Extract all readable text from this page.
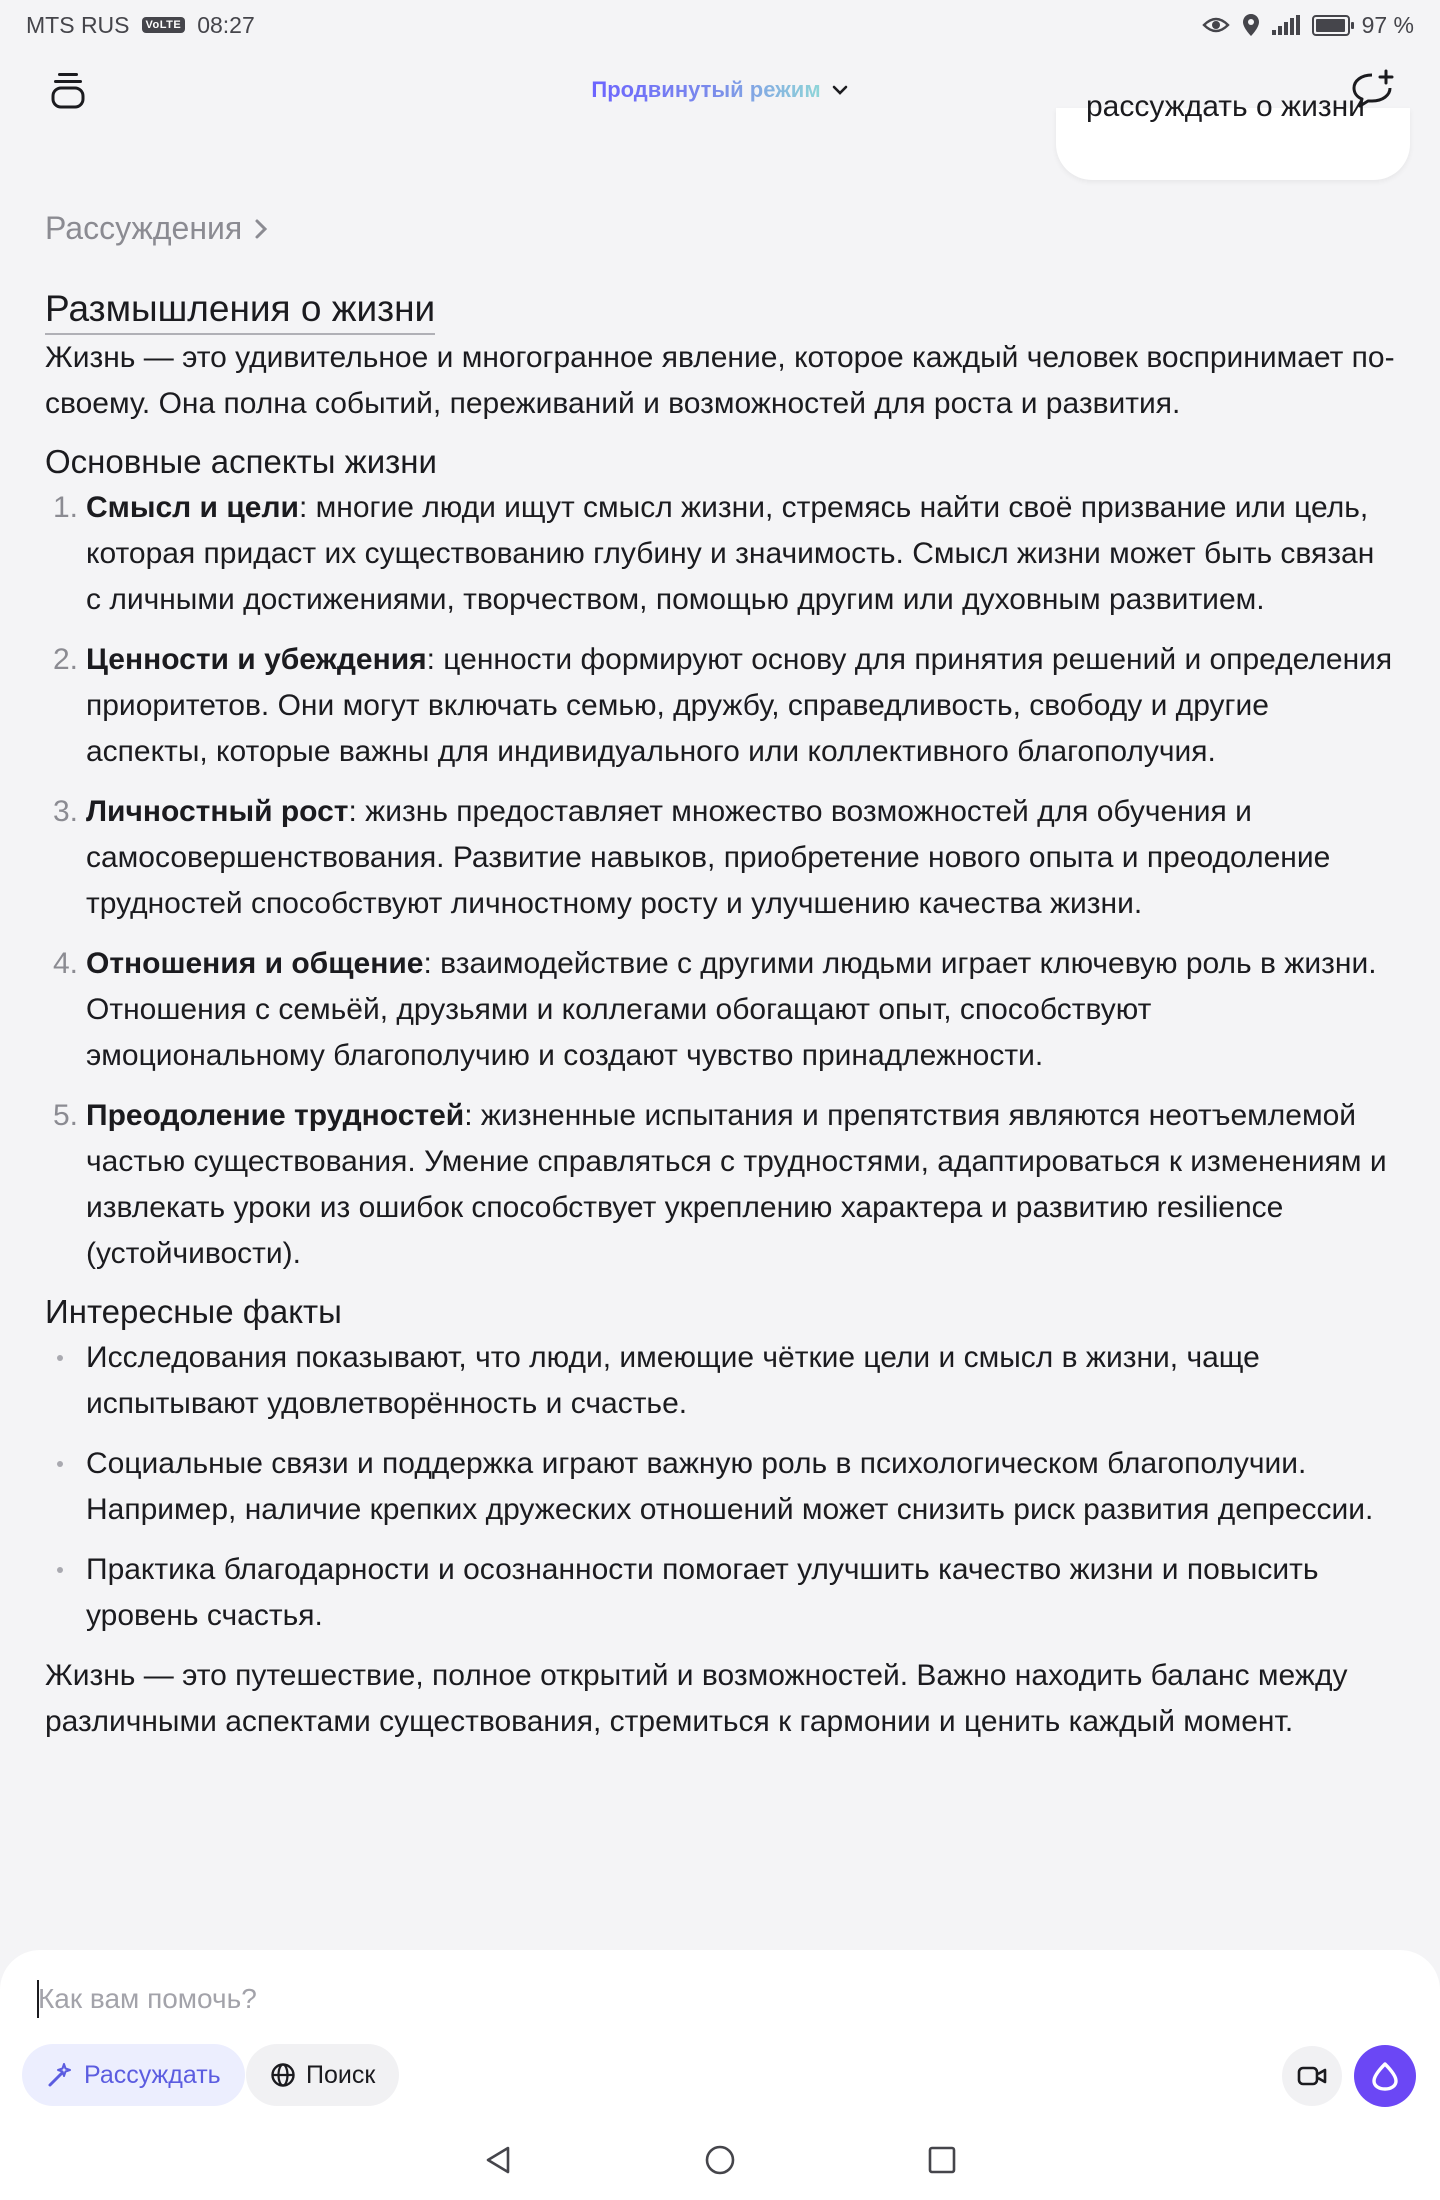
MTS RUS	VoLTE 08:27	97 %
Продвинутый режим
рассуждать о жизни
Рассуждения
Размышления о жизни

Жизнь — это удивительное и многогранное явление, которое каждый человек воспринимает по-своему. Она полна событий, переживаний и возможностей для роста и развития.

Основные аспекты жизни
1. Смысл и цели: многие люди ищут смысл жизни, стремясь найти своё призвание или цель, которая придаст их существованию глубину и значимость. Смысл жизни может быть связан с личными достижениями, творчеством, помощью другим или духовным развитием.
2. Ценности и убеждения: ценности формируют основу для принятия решений и определения приоритетов. Они могут включать семью, дружбу, справедливость, свободу и другие аспекты, которые важны для индивидуального или коллективного благополучия.
3. Личностный рост: жизнь предоставляет множество возможностей для обучения и самосовершенствования. Развитие навыков, приобретение нового опыта и преодоление трудностей способствуют личностному росту и улучшению качества жизни.
4. Отношения и общение: взаимодействие с другими людьми играет ключевую роль в жизни. Отношения с семьёй, друзьями и коллегами обогащают опыт, способствуют эмоциональному благополучию и создают чувство принадлежности.
5. Преодоление трудностей: жизненные испытания и препятствия являются неотъемлемой частью существования. Умение справляться с трудностями, адаптироваться к изменениям и извлекать уроки из ошибок способствует укреплению характера и развитию resilience (устойчивости).
Интересные факты
Исследования показывают, что люди, имеющие чёткие цели и смысл в жизни, чаще испытывают удовлетворённость и счастье.
Социальные связи и поддержка играют важную роль в психологическом благополучии. Например, наличие крепких дружеских отношений может снизить риск развития депрессии.
Практика благодарности и осознанности помогает улучшить качество жизни и повысить уровень счастья.

Жизнь — это путешествие, полное открытий и возможностей. Важно находить баланс между различными аспектами существования, стремиться к гармонии и ценить каждый момент.

Как вам помочь?
Рассуждать	Поиск
